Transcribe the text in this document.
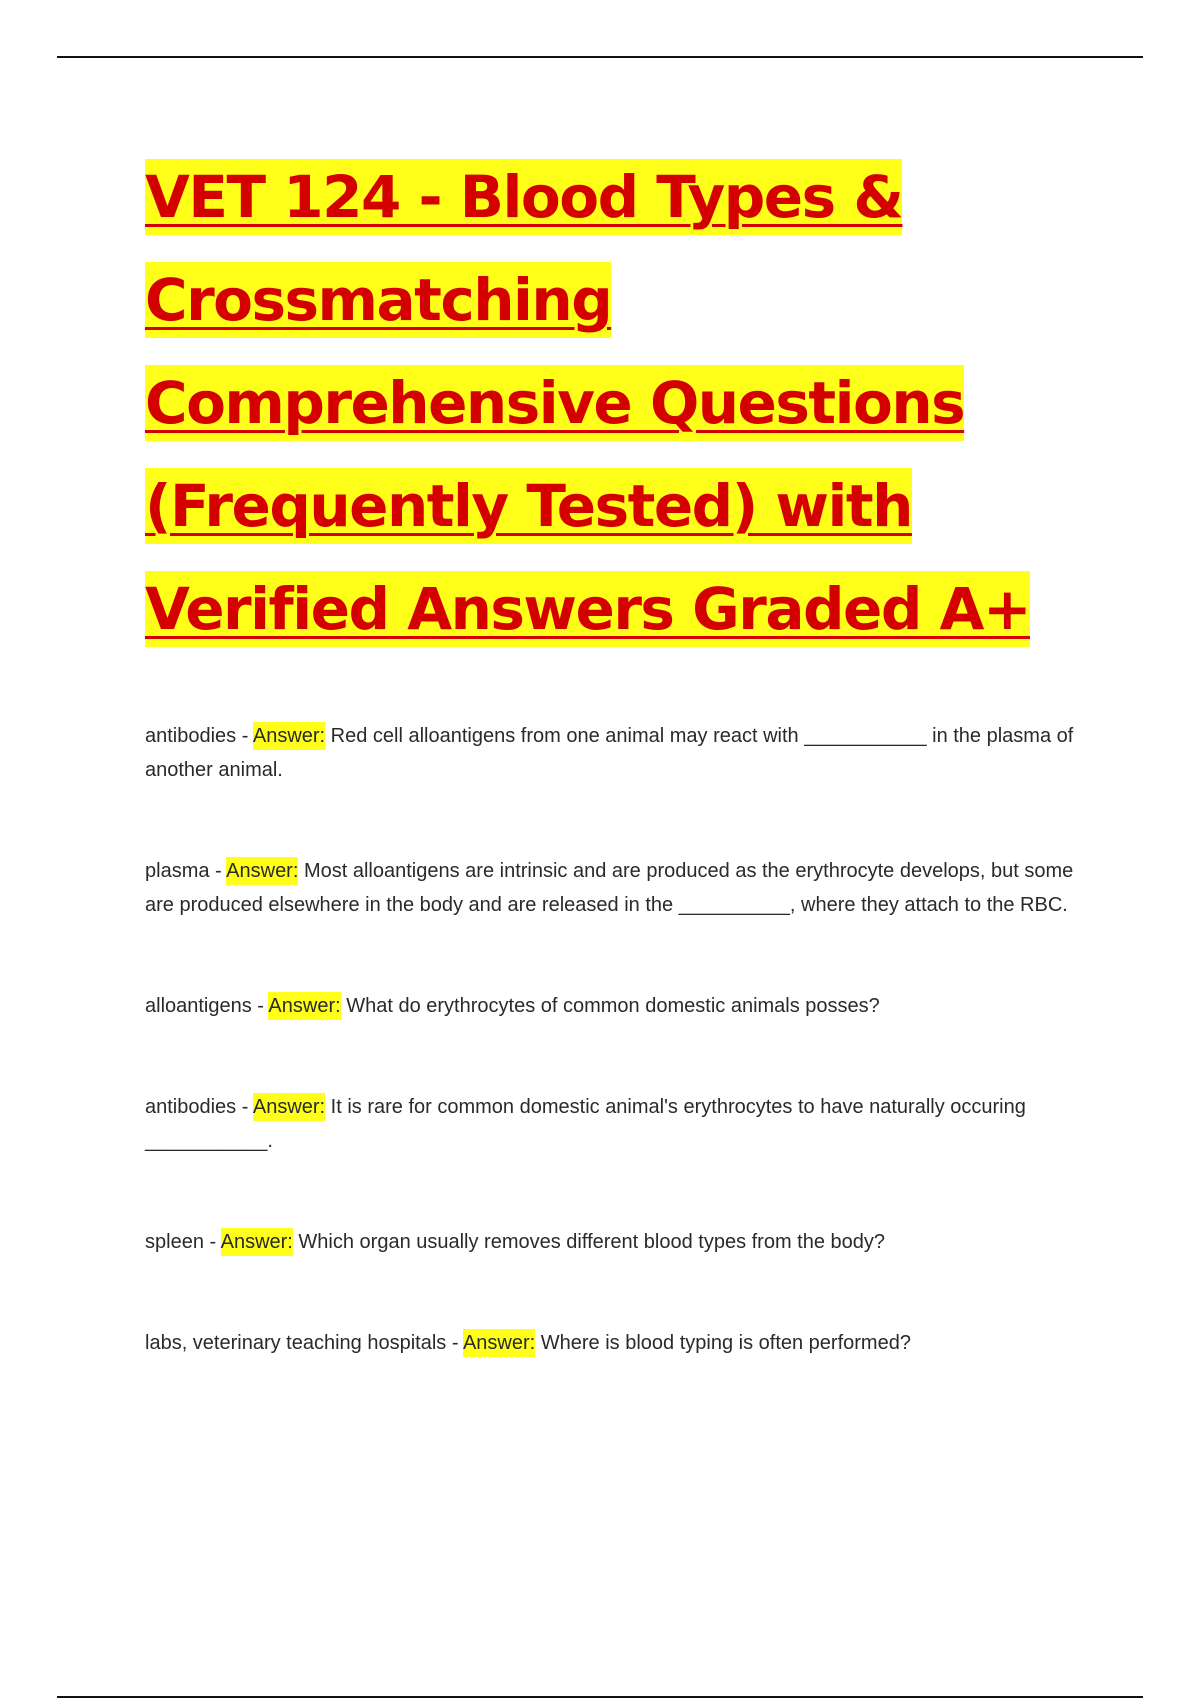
VET 124 - Blood Types & Crossmatching Comprehensive Questions (Frequently Tested) with Verified Answers Graded A+

antibodies - Answer: Red cell alloantigens from one animal may react with ___________ in the plasma of another animal.

plasma - Answer: Most alloantigens are intrinsic and are produced as the erythrocyte develops, but some are produced elsewhere in the body and are released in the __________, where they attach to the RBC.

alloantigens - Answer: What do erythrocytes of common domestic animals posses?

antibodies - Answer: It is rare for common domestic animal's erythrocytes to have naturally occuring ___________.

spleen - Answer: Which organ usually removes different blood types from the body?

labs, veterinary teaching hospitals - Answer: Where is blood typing is often performed?
